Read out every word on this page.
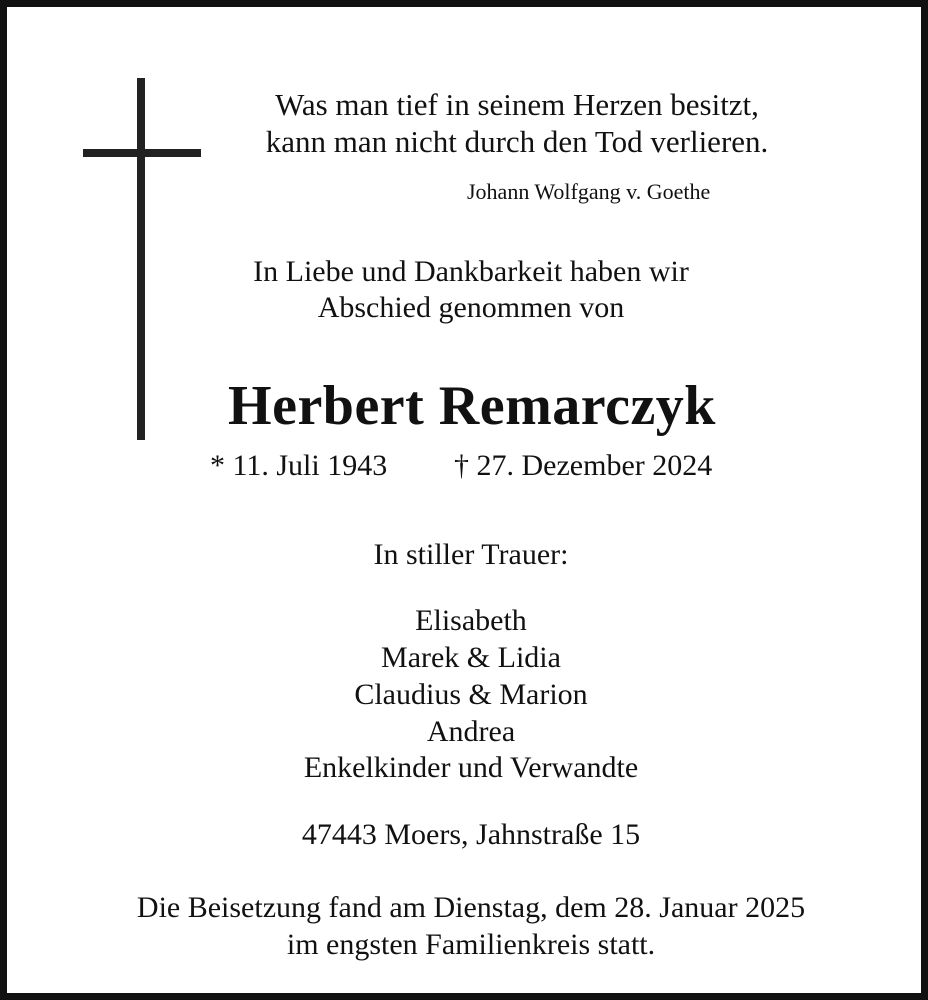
Was man tief in seinem Herzen besitzt,
kann man nicht durch den Tod verlieren.
Johann Wolfgang v. Goethe
In Liebe und Dankbarkeit haben wir
Abschied genommen von
Herbert Remarczyk
* 11. Juli 1943	† 27. Dezember 2024
In stiller Trauer:
Elisabeth
Marek & Lidia
Claudius & Marion
Andrea
Enkelkinder und Verwandte
47443 Moers, Jahnstraße 15
Die Beisetzung fand am Dienstag, dem 28. Januar 2025
im engsten Familienkreis statt.
